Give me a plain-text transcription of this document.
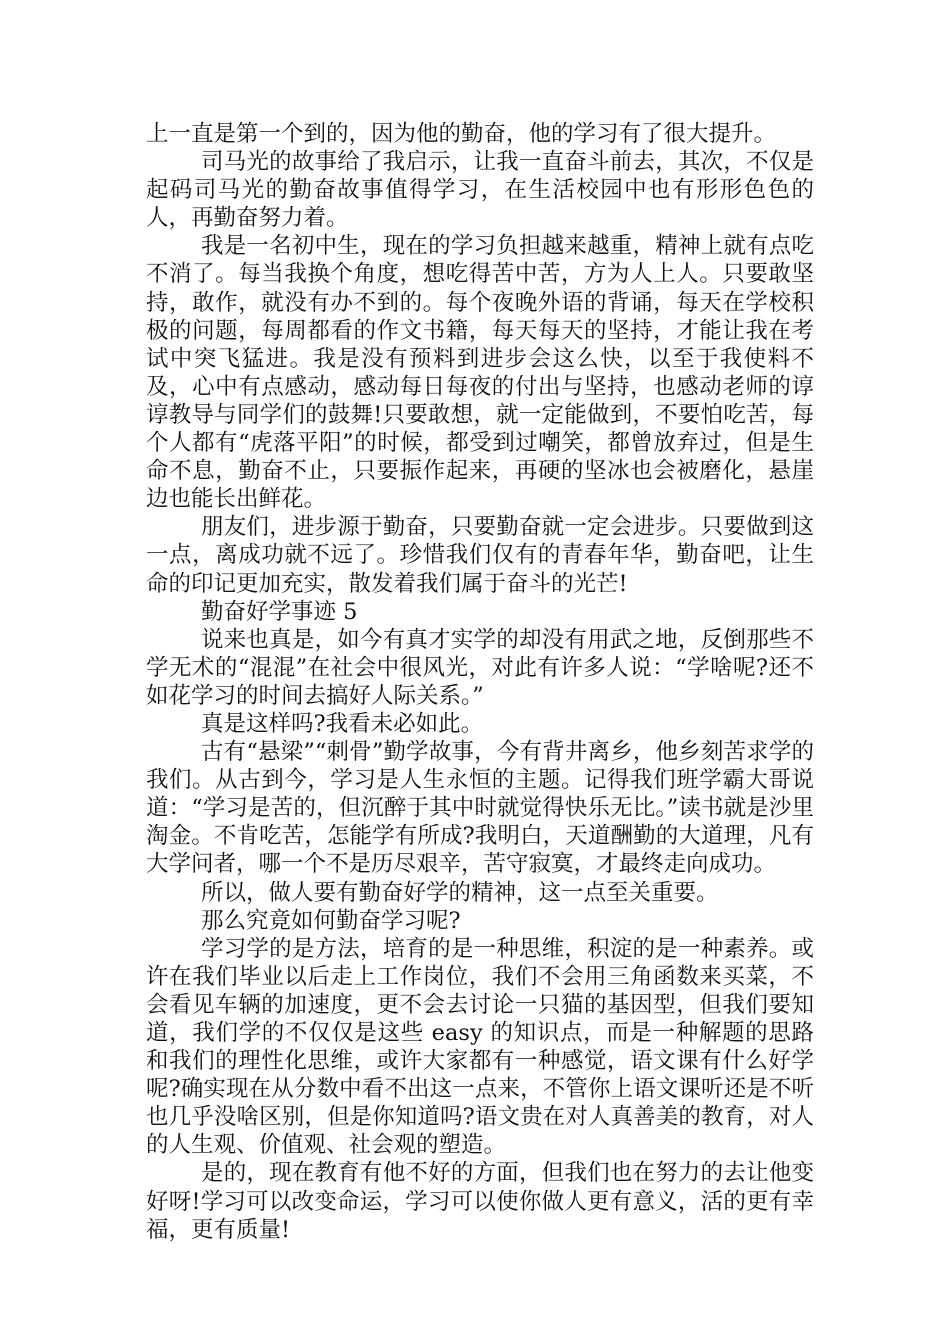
上一直是第一个到的，因为他的勤奋，他的学习有了很大提升。

司马光的故事给了我启示，让我一直奋斗前去，其次，不仅是起码司马光的勤奋故事值得学习，在生活校园中也有形形色色的人，再勤奋努力着。

我是一名初中生，现在的学习负担越来越重，精神上就有点吃不消了。每当我换个角度，想吃得苦中苦，方为人上人。只要敢坚持，敢作，就没有办不到的。每个夜晚外语的背诵，每天在学校积极的问题，每周都看的作文书籍，每天每天的坚持，才能让我在考试中突飞猛进。我是没有预料到进步会这么快，以至于我使料不及，心中有点感动，感动每日每夜的付出与坚持，也感动老师的谆谆教导与同学们的鼓舞!只要敢想，就一定能做到，不要怕吃苦，每个人都有“虎落平阳”的时候，都受到过嘲笑，都曾放弃过，但是生命不息，勤奋不止，只要振作起来，再硬的坚冰也会被磨化，悬崖边也能长出鲜花。

朋友们，进步源于勤奋，只要勤奋就一定会进步。只要做到这一点，离成功就不远了。珍惜我们仅有的青春年华，勤奋吧，让生命的印记更加充实，散发着我们属于奋斗的光芒!

勤奋好学事迹 5

说来也真是，如今有真才实学的却没有用武之地，反倒那些不学无术的“混混”在社会中很风光，对此有许多人说：“学啥呢?还不如花学习的时间去搞好人际关系。”

真是这样吗?我看未必如此。

古有“悬梁”“刺骨”勤学故事，今有背井离乡，他乡刻苦求学的我们。从古到今，学习是人生永恒的主题。记得我们班学霸大哥说道：“学习是苦的，但沉醉于其中时就觉得快乐无比。”读书就是沙里淘金。不肯吃苦，怎能学有所成?我明白，天道酬勤的大道理，凡有大学问者，哪一个不是历尽艰辛，苦守寂寞，才最终走向成功。

所以，做人要有勤奋好学的精神，这一点至关重要。

那么究竟如何勤奋学习呢?

学习学的是方法，培育的是一种思维，积淀的是一种素养。或许在我们毕业以后走上工作岗位，我们不会用三角函数来买菜，不会看见车辆的加速度，更不会去讨论一只猫的基因型，但我们要知道，我们学的不仅仅是这些 easy 的知识点，而是一种解题的思路和我们的理性化思维，或许大家都有一种感觉，语文课有什么好学呢?确实现在从分数中看不出这一点来，不管你上语文课听还是不听也几乎没啥区别，但是你知道吗?语文贵在对人真善美的教育，对人的人生观、价值观、社会观的塑造。

是的，现在教育有他不好的方面，但我们也在努力的去让他变好呀!学习可以改变命运，学习可以使你做人更有意义，活的更有幸福，更有质量!
